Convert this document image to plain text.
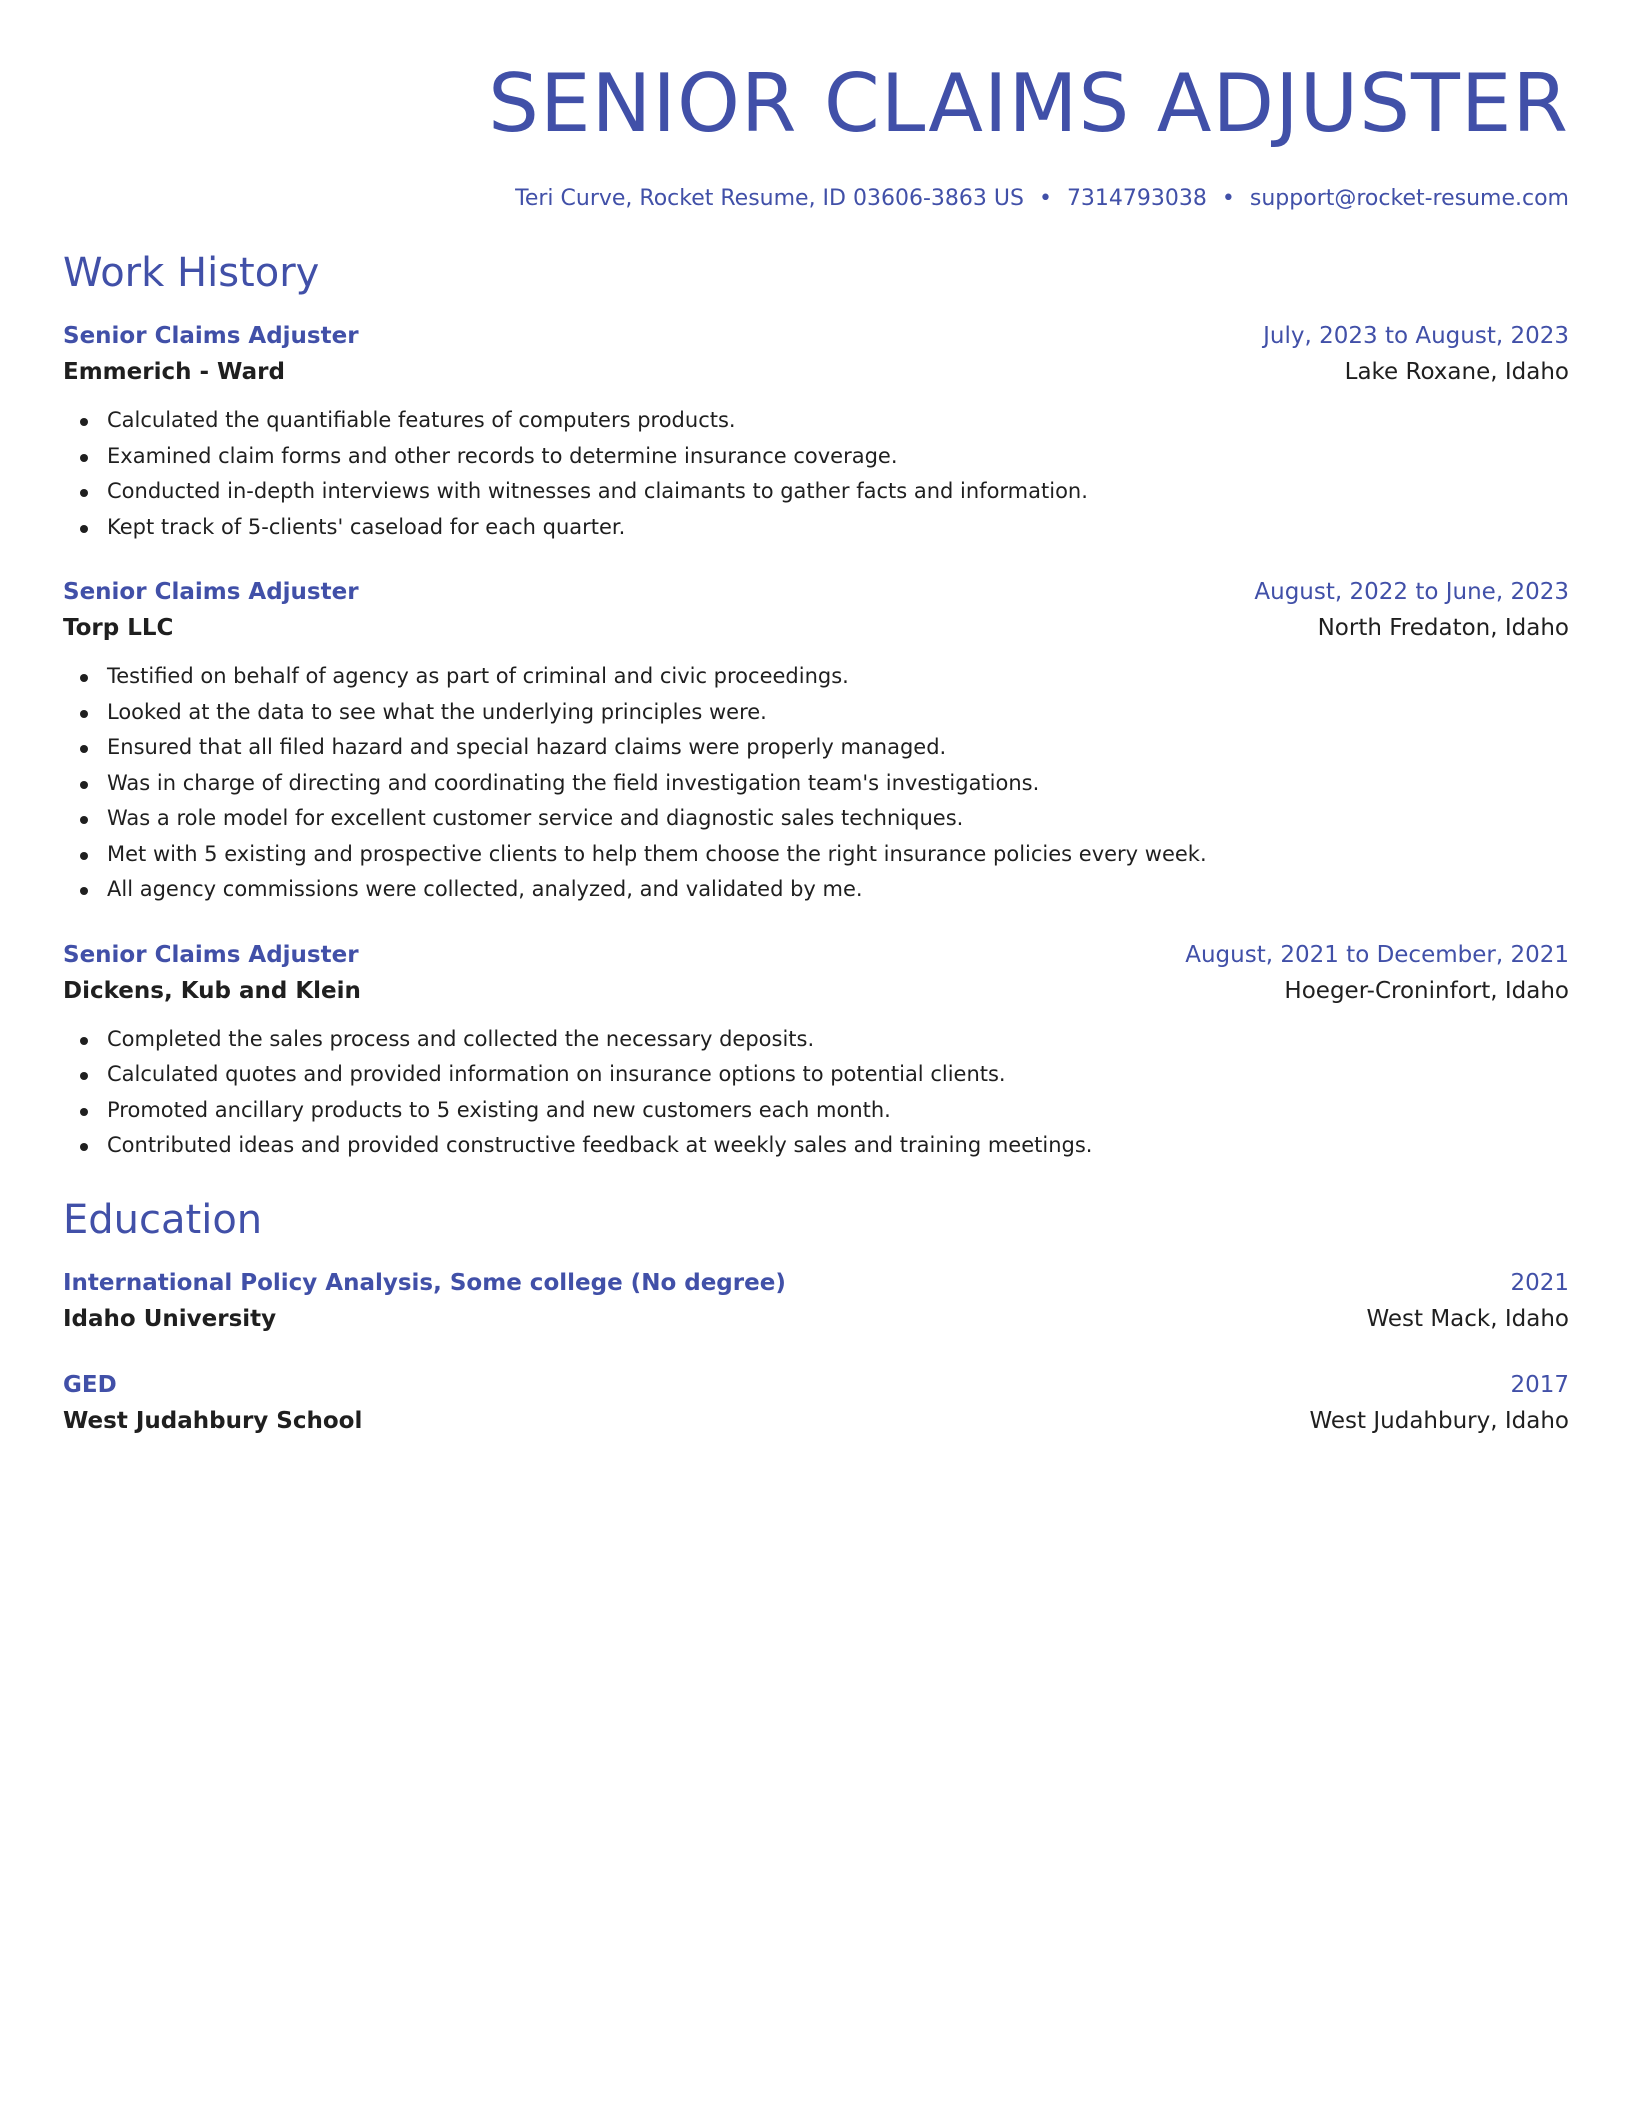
SENIOR CLAIMS ADJUSTER
Teri Curve, Rocket Resume, ID 03606-3863 US • 7314793038 • support@rocket-resume.com
Work History
Senior Claims Adjuster	July, 2023 to August, 2023
Emmerich - Ward	Lake Roxane, Idaho
Calculated the quantifiable features of computers products.
Examined claim forms and other records to determine insurance coverage.
Conducted in-depth interviews with witnesses and claimants to gather facts and information.
Kept track of 5-clients' caseload for each quarter.
Senior Claims Adjuster	August, 2022 to June, 2023
Torp LLC	North Fredaton, Idaho
Testified on behalf of agency as part of criminal and civic proceedings.
Looked at the data to see what the underlying principles were.
Ensured that all filed hazard and special hazard claims were properly managed.
Was in charge of directing and coordinating the field investigation team's investigations.
Was a role model for excellent customer service and diagnostic sales techniques.
Met with 5 existing and prospective clients to help them choose the right insurance policies every week.
All agency commissions were collected, analyzed, and validated by me.
Senior Claims Adjuster	August, 2021 to December, 2021
Dickens, Kub and Klein	Hoeger-Croninfort, Idaho
Completed the sales process and collected the necessary deposits.
Calculated quotes and provided information on insurance options to potential clients.
Promoted ancillary products to 5 existing and new customers each month.
Contributed ideas and provided constructive feedback at weekly sales and training meetings.
Education
International Policy Analysis, Some college (No degree)	2021
Idaho University	West Mack, Idaho
GED	2017
West Judahbury School	West Judahbury, Idaho
